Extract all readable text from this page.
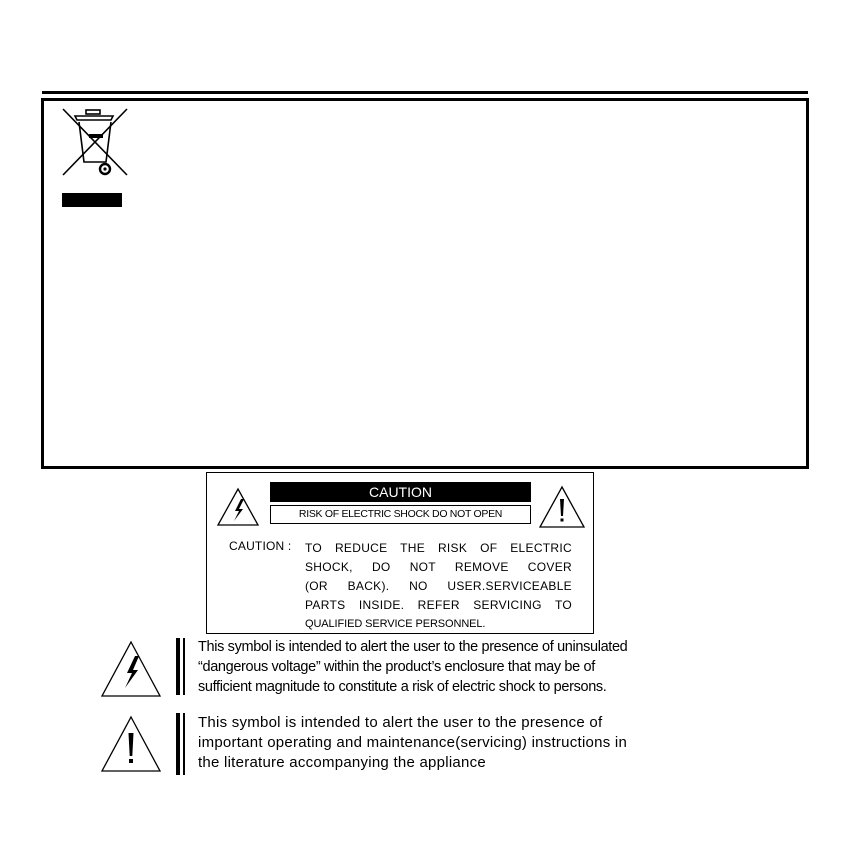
CAUTION
RISK OF ELECTRIC SHOCK DO NOT OPEN
CAUTION : TO REDUCE THE RISK OF ELECTRIC
SHOCK, DO NOT REMOVE COVER
(OR BACK). NO USER.SERVICEABLE
PARTS INSIDE. REFER SERVICING TO
QUALIFIED SERVICE PERSONNEL.
This symbol is intended to alert the user to the presence of uninsulated
“dangerous voltage” within the product’s enclosure that may be of
sufficient magnitude to constitute a risk of electric shock to persons.
This symbol is intended to alert the user to the presence of
important operating and maintenance(servicing) instructions in
the literature accompanying the appliance
